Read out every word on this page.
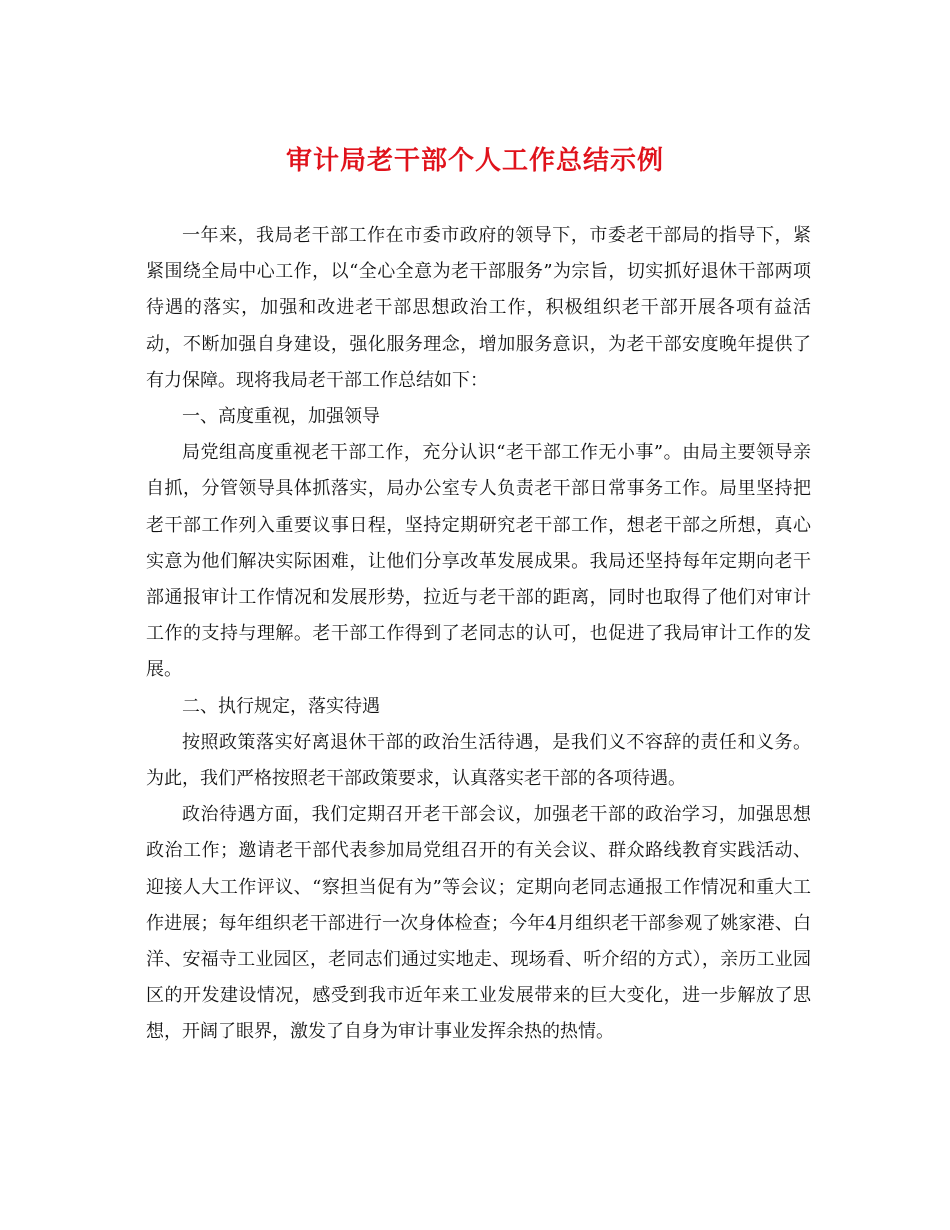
审计局老干部个人工作总结示例

一年来，我局老干部工作在市委市政府的领导下，市委老干部局的指导下，紧紧围绕全局中心工作，以“全心全意为老干部服务”为宗旨，切实抓好退休干部两项待遇的落实，加强和改进老干部思想政治工作，积极组织老干部开展各项有益活动，不断加强自身建设，强化服务理念，增加服务意识，为老干部安度晚年提供了有力保障。现将我局老干部工作总结如下：

一、高度重视，加强领导

局党组高度重视老干部工作，充分认识“老干部工作无小事”。由局主要领导亲自抓，分管领导具体抓落实，局办公室专人负责老干部日常事务工作。局里坚持把老干部工作列入重要议事日程，坚持定期研究老干部工作，想老干部之所想，真心实意为他们解决实际困难，让他们分享改革发展成果。我局还坚持每年定期向老干部通报审计工作情况和发展形势，拉近与老干部的距离，同时也取得了他们对审计工作的支持与理解。老干部工作得到了老同志的认可，也促进了我局审计工作的发展。

二、执行规定，落实待遇

按照政策落实好离退休干部的政治生活待遇，是我们义不容辞的责任和义务。为此，我们严格按照老干部政策要求，认真落实老干部的各项待遇。

政治待遇方面，我们定期召开老干部会议，加强老干部的政治学习，加强思想政治工作；邀请老干部代表参加局党组召开的有关会议、群众路线教育实践活动、迎接人大工作评议、“察担当促有为”等会议；定期向老同志通报工作情况和重大工作进展；每年组织老干部进行一次身体检查；今年4月组织老干部参观了姚家港、白洋、安福寺工业园区，老同志们通过实地走、现场看、听介绍的方式），亲历工业园区的开发建设情况，感受到我市近年来工业发展带来的巨大变化，进一步解放了思想，开阔了眼界，激发了自身为审计事业发挥余热的热情。
